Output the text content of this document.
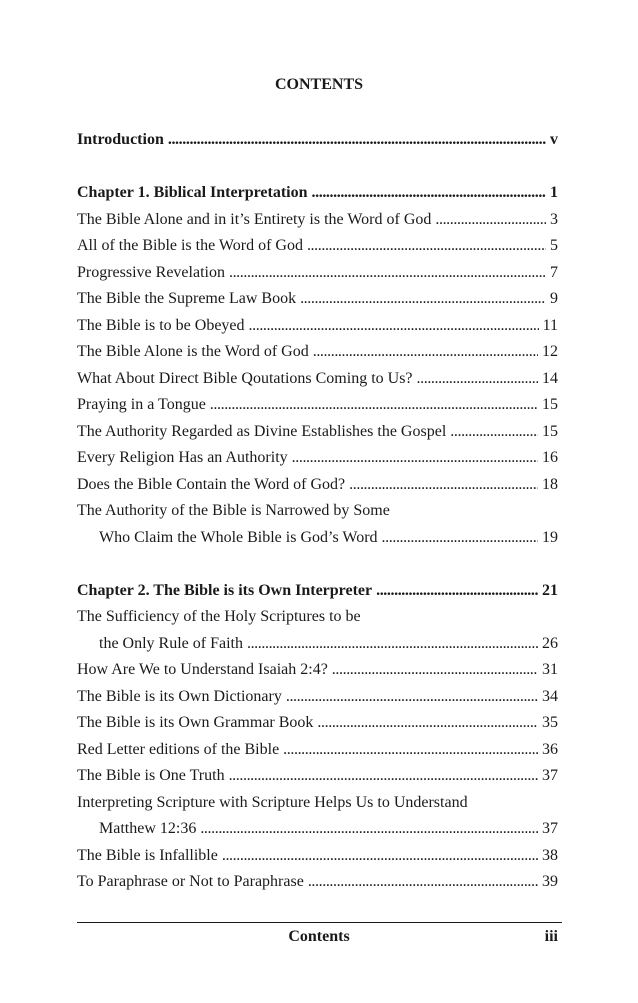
CONTENTS
Introduction . . .	v
Chapter 1. Biblical Interpretation . . .	1
The Bible Alone and in it’s Entirety is the Word of God . . .	3
All of the Bible is the Word of God . . .	5
Progressive Revelation . . .	7
The Bible the Supreme Law Book . . .	9
The Bible is to be Obeyed . . .	11
The Bible Alone is the Word of God . . .	12
What About Direct Bible Qoutations Coming to Us? . . .	14
Praying in a Tongue . . .	15
The Authority Regarded as Divine Establishes the Gospel . . .	15
Every Religion Has an Authority . . .	16
Does the Bible Contain the Word of God? . . .	18
The Authority of the Bible is Narrowed by Some
Who Claim the Whole Bible is God’s Word . . .	19
Chapter 2. The Bible is its Own Interpreter . . .	21
The Sufficiency of the Holy Scriptures to be
the Only Rule of Faith . . .	26
How Are We to Understand Isaiah 2:4? . . .	31
The Bible is its Own Dictionary . . .	34
The Bible is its Own Grammar Book . . .	35
Red Letter editions of the Bible . . .	36
The Bible is One Truth . . .	37
Interpreting Scripture with Scripture Helps Us to Understand
Matthew 12:36 . . .	37
The Bible is Infallible . . .	38
To Paraphrase or Not to Paraphrase . . .	39
Contents	iii
